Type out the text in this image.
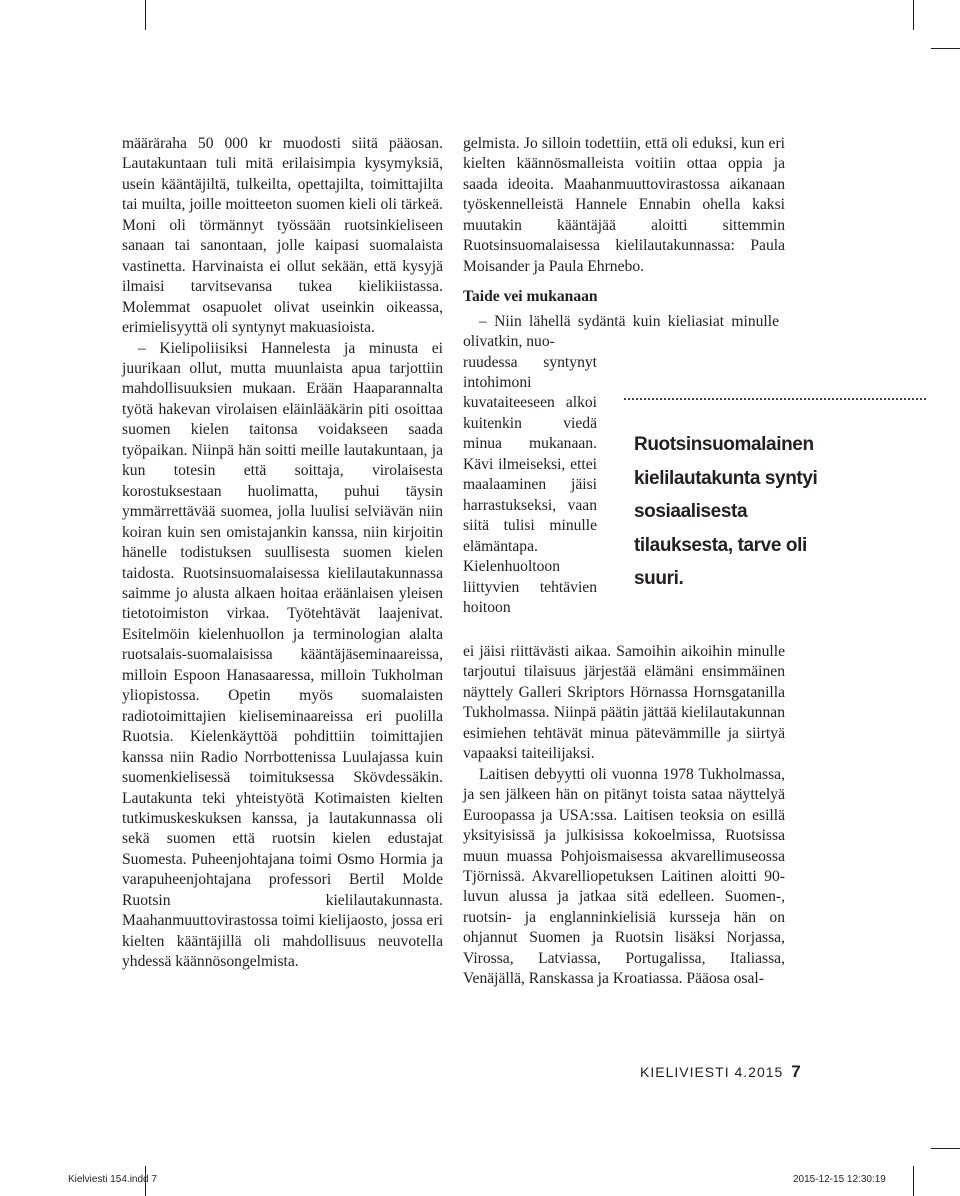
määräraha 50 000 kr muodosti siitä pääosan. Lautakuntaan tuli mitä erilaisimpia kysymyksiä, usein kääntäjiltä, tulkeilta, opettajilta, toimittajilta tai muilta, joille moitteeton suomen kieli oli tärkeä. Moni oli törmännyt työssään ruotsinkieliseen sanaan tai sanontaan, jolle kaipasi suomalaista vastinetta. Harvinaista ei ollut sekään, että kysyjä ilmaisi tarvitsevansa tukea kielikiistassa. Molemmat osapuolet olivat useinkin oikeassa, erimielisyyttä oli syntynyt makuasioista.

– Kielipoliisiksi Hannelesta ja minusta ei juurikaan ollut, mutta muunlaista apua tarjottiin mahdollisuuksien mukaan. Erään Haaparannalta työtä hakevan virolaisen eläinlääkärin piti osoittaa suomen kielen taitonsa voidakseen saada työpaikan. Niinpä hän soitti meille lautakuntaan, ja kun totesin että soittaja, virolaisesta korostuksestaan huolimatta, puhui täysin ymmärrettävää suomea, jolla luulisi selviävän niin koiran kuin sen omistajankin kanssa, niin kirjoitin hänelle todistuksen suullisesta suomen kielen taidosta. Ruotsinsuomalaisessa kielilautakunnassa saimme jo alusta alkaen hoitaa eräänlaisen yleisen tietotoimiston virkaa. Työtehtävät laajenivat. Esitelmöin kielenhuollon ja terminologian alalta ruotsalais-suomalaisissa kääntäjäseminaareissa, milloin Espoon Hanasaaressa, milloin Tukholman yliopistossa. Opetin myös suomalaisten radiotoimittajien kieliseminaareissa eri puolilla Ruotsia. Kielenkäyttöä pohdittiin toimittajien kanssa niin Radio Norrbottenissa Luulajassa kuin suomenkielisessä toimituksessa Skövdessäkin. Lautakunta teki yhteistyötä Kotimaisten kielten tutkimuskeskuksen kanssa, ja lautakunnassa oli sekä suomen että ruotsin kielen edustajat Suomesta. Puheenjohtajana toimi Osmo Hormia ja varapuheenjohtajana professori Bertil Molde Ruotsin kielilautakunnasta. Maahanmuuttovirastossa toimi kielijaosto, jossa eri kielten kääntäjillä oli mahdollisuus neuvotella yhdessä käännösongelmista.

gelmista. Jo silloin todettiin, että oli eduksi, kun eri kielten käännösmalleista voitiin ottaa oppia ja saada ideoita. Maahanmuuttovirastossa aikanaan työskennelleistä Hannele Ennabin ohella kaksi muutakin kääntäjää aloitti sittemmin Ruotsinsuomalaisessa kielilautakunnassa: Paula Moisander ja Paula Ehrnebo.

Taide vei mukanaan

– Niin lähellä sydäntä kuin kieliasiat minulle olivatkin, nuo-

ruudessa syntynyt intohimoni kuvataiteeseen alkoi kuitenkin viedä minua mukanaan. Kävi ilmeiseksi, ettei maalaaminen jäisi harrastukseksi, vaan siitä tulisi minulle elämäntapa. Kielenhuoltoon liittyvien tehtävien hoitoon

ei jäisi riittävästi aikaa. Samoihin aikoihin minulle tarjoutui tilaisuus järjestää elämäni ensimmäinen näyttely Galleri Skriptors Hörnassa Hornsgatanilla Tukholmassa. Niinpä päätin jättää kielilautakunnan esimiehen tehtävät minua pätevämmille ja siirtyä vapaaksi taiteilijaksi.

Laitisen debyytti oli vuonna 1978 Tukholmassa, ja sen jälkeen hän on pitänyt toista sataa näyttelyä Euroopassa ja USA:ssa. Laitisen teoksia on esillä yksityisissä ja julkisissa kokoelmissa, Ruotsissa muun muassa Pohjoismaisessa akvarellimuseossa Tjörnissä. Akvarelliopetuksen Laitinen aloitti 90-luvun alussa ja jatkaa sitä edelleen. Suomen-, ruotsin- ja englanninkielisiä kursseja hän on ohjannut Suomen ja Ruotsin lisäksi Norjassa, Virossa, Latviassa, Portugalissa, Italiassa, Venäjällä, Ranskassa ja Kroatiassa. Pääosa osal-

Ruotsinsuomalainen kielilautakunta syntyi sosiaalisesta tilauksesta, tarve oli suuri.
KIELIVIESTI 4.2015 7
Kielviesti 154.indd 7	2015-12-15 12:30:19
